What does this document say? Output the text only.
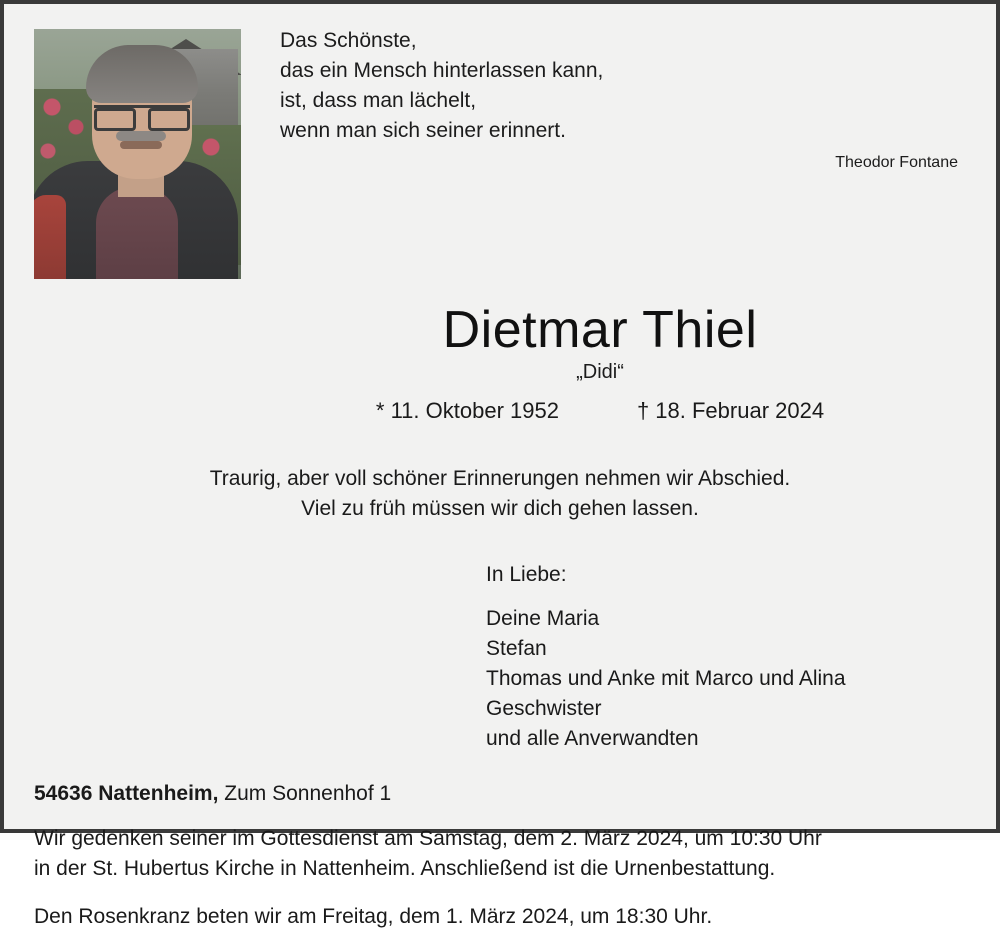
Das Schönste,
das ein Mensch hinterlassen kann,
ist, dass man lächelt,
wenn man sich seiner erinnert.
Theodor Fontane
Dietmar Thiel
„Didi“
* 11. Oktober 1952	† 18. Februar 2024
Traurig, aber voll schöner Erinnerungen nehmen wir Abschied.
Viel zu früh müssen wir dich gehen lassen.
In Liebe:
Deine Maria
Stefan
Thomas und Anke mit Marco und Alina
Geschwister
und alle Anverwandten
54636 Nattenheim, Zum Sonnenhof 1
Wir gedenken seiner im Gottesdienst am Samstag, dem 2. März 2024, um 10:30 Uhr
in der St. Hubertus Kirche in Nattenheim. Anschließend ist die Urnenbestattung.
Den Rosenkranz beten wir am Freitag, dem 1. März 2024, um 18:30 Uhr.
